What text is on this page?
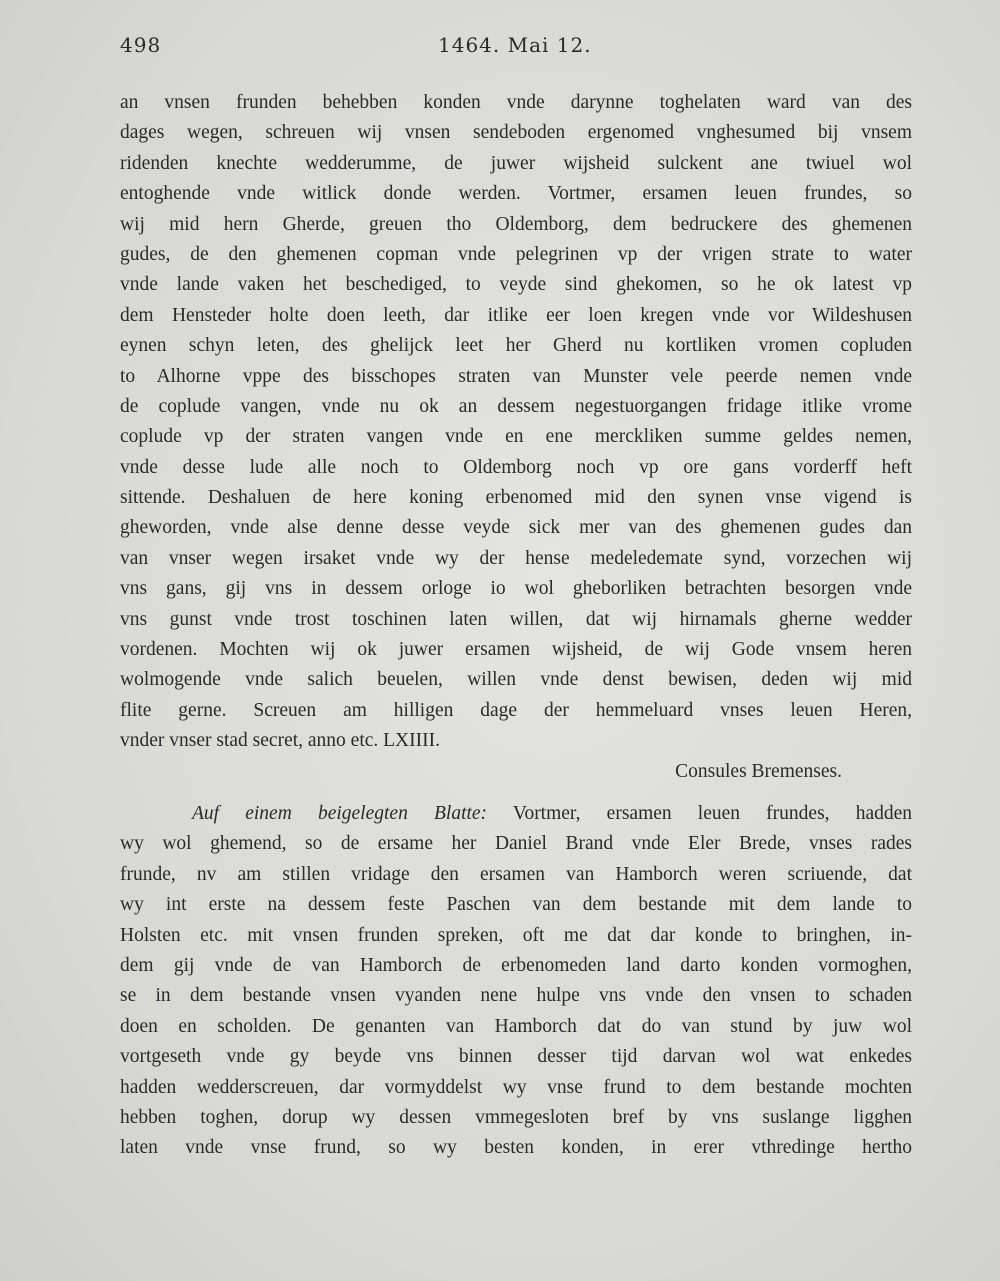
498	1464. Mai 12.
an vnsen frunden behebben konden vnde darynne toghelaten ward van des
dages wegen, schreuen wij vnsen sendeboden ergenomed vnghesumed bij vnsem
ridenden knechte wedderumme, de juwer wijsheid sulckent ane twiuel wol
entoghende vnde witlick donde werden. Vortmer, ersamen leuen frundes, so
wij mid hern Gherde, greuen tho Oldemborg, dem bedruckere des ghemenen
gudes, de den ghemenen copman vnde pelegrinen vp der vrigen strate to water
vnde lande vaken het beschediged, to veyde sind ghekomen, so he ok latest vp
dem Hensteder holte doen leeth, dar itlike eer loen kregen vnde vor Wildeshusen
eynen schyn leten, des ghelijck leet her Gherd nu kortliken vromen copluden
to Alhorne vppe des bisschopes straten van Munster vele peerde nemen vnde
de coplude vangen, vnde nu ok an dessem negestuorgangen fridage itlike vrome
coplude vp der straten vangen vnde en ene merckliken summe geldes nemen,
vnde desse lude alle noch to Oldemborg noch vp ore gans vorderff heft
sittende. Deshaluen de here koning erbenomed mid den synen vnse vigend is
gheworden, vnde alse denne desse veyde sick mer van des ghemenen gudes dan
van vnser wegen irsaket vnde wy der hense medeledemate synd, vorzechen wij
vns gans, gij vns in dessem orloge io wol gheborliken betrachten besorgen vnde
vns gunst vnde trost toschinen laten willen, dat wij hirnamals gherne wedder
vordenen. Mochten wij ok juwer ersamen wijsheid, de wij Gode vnsem heren
wolmogende vnde salich beuelen, willen vnde denst bewisen, deden wij mid
flite gerne. Screuen am hilligen dage der hemmeluard vnses leuen Heren,
vnder vnser stad secret, anno etc. LXIIII.
Consules Bremenses.
Auf einem beigelegten Blatte: Vortmer, ersamen leuen frundes, hadden
wy wol ghemend, so de ersame her Daniel Brand vnde Eler Brede, vnses rades
frunde, nv am stillen vridage den ersamen van Hamborch weren scriuende, dat
wy int erste na dessem feste Paschen van dem bestande mit dem lande to
Holsten etc. mit vnsen frunden spreken, oft me dat dar konde to bringhen, in-
dem gij vnde de van Hamborch de erbenomeden land darto konden vormoghen,
se in dem bestande vnsen vyanden nene hulpe vns vnde den vnsen to schaden
doen en scholden. De genanten van Hamborch dat do van stund by juw wol
vortgeseth vnde gy beyde vns binnen desser tijd darvan wol wat enkedes
hadden wedderscreuen, dar vormyddelst wy vnse frund to dem bestande mochten
hebben toghen, dorup wy dessen vmmegesloten bref by vns suslange ligghen
laten vnde vnse frund, so wy besten konden, in erer vthredinge hertho
